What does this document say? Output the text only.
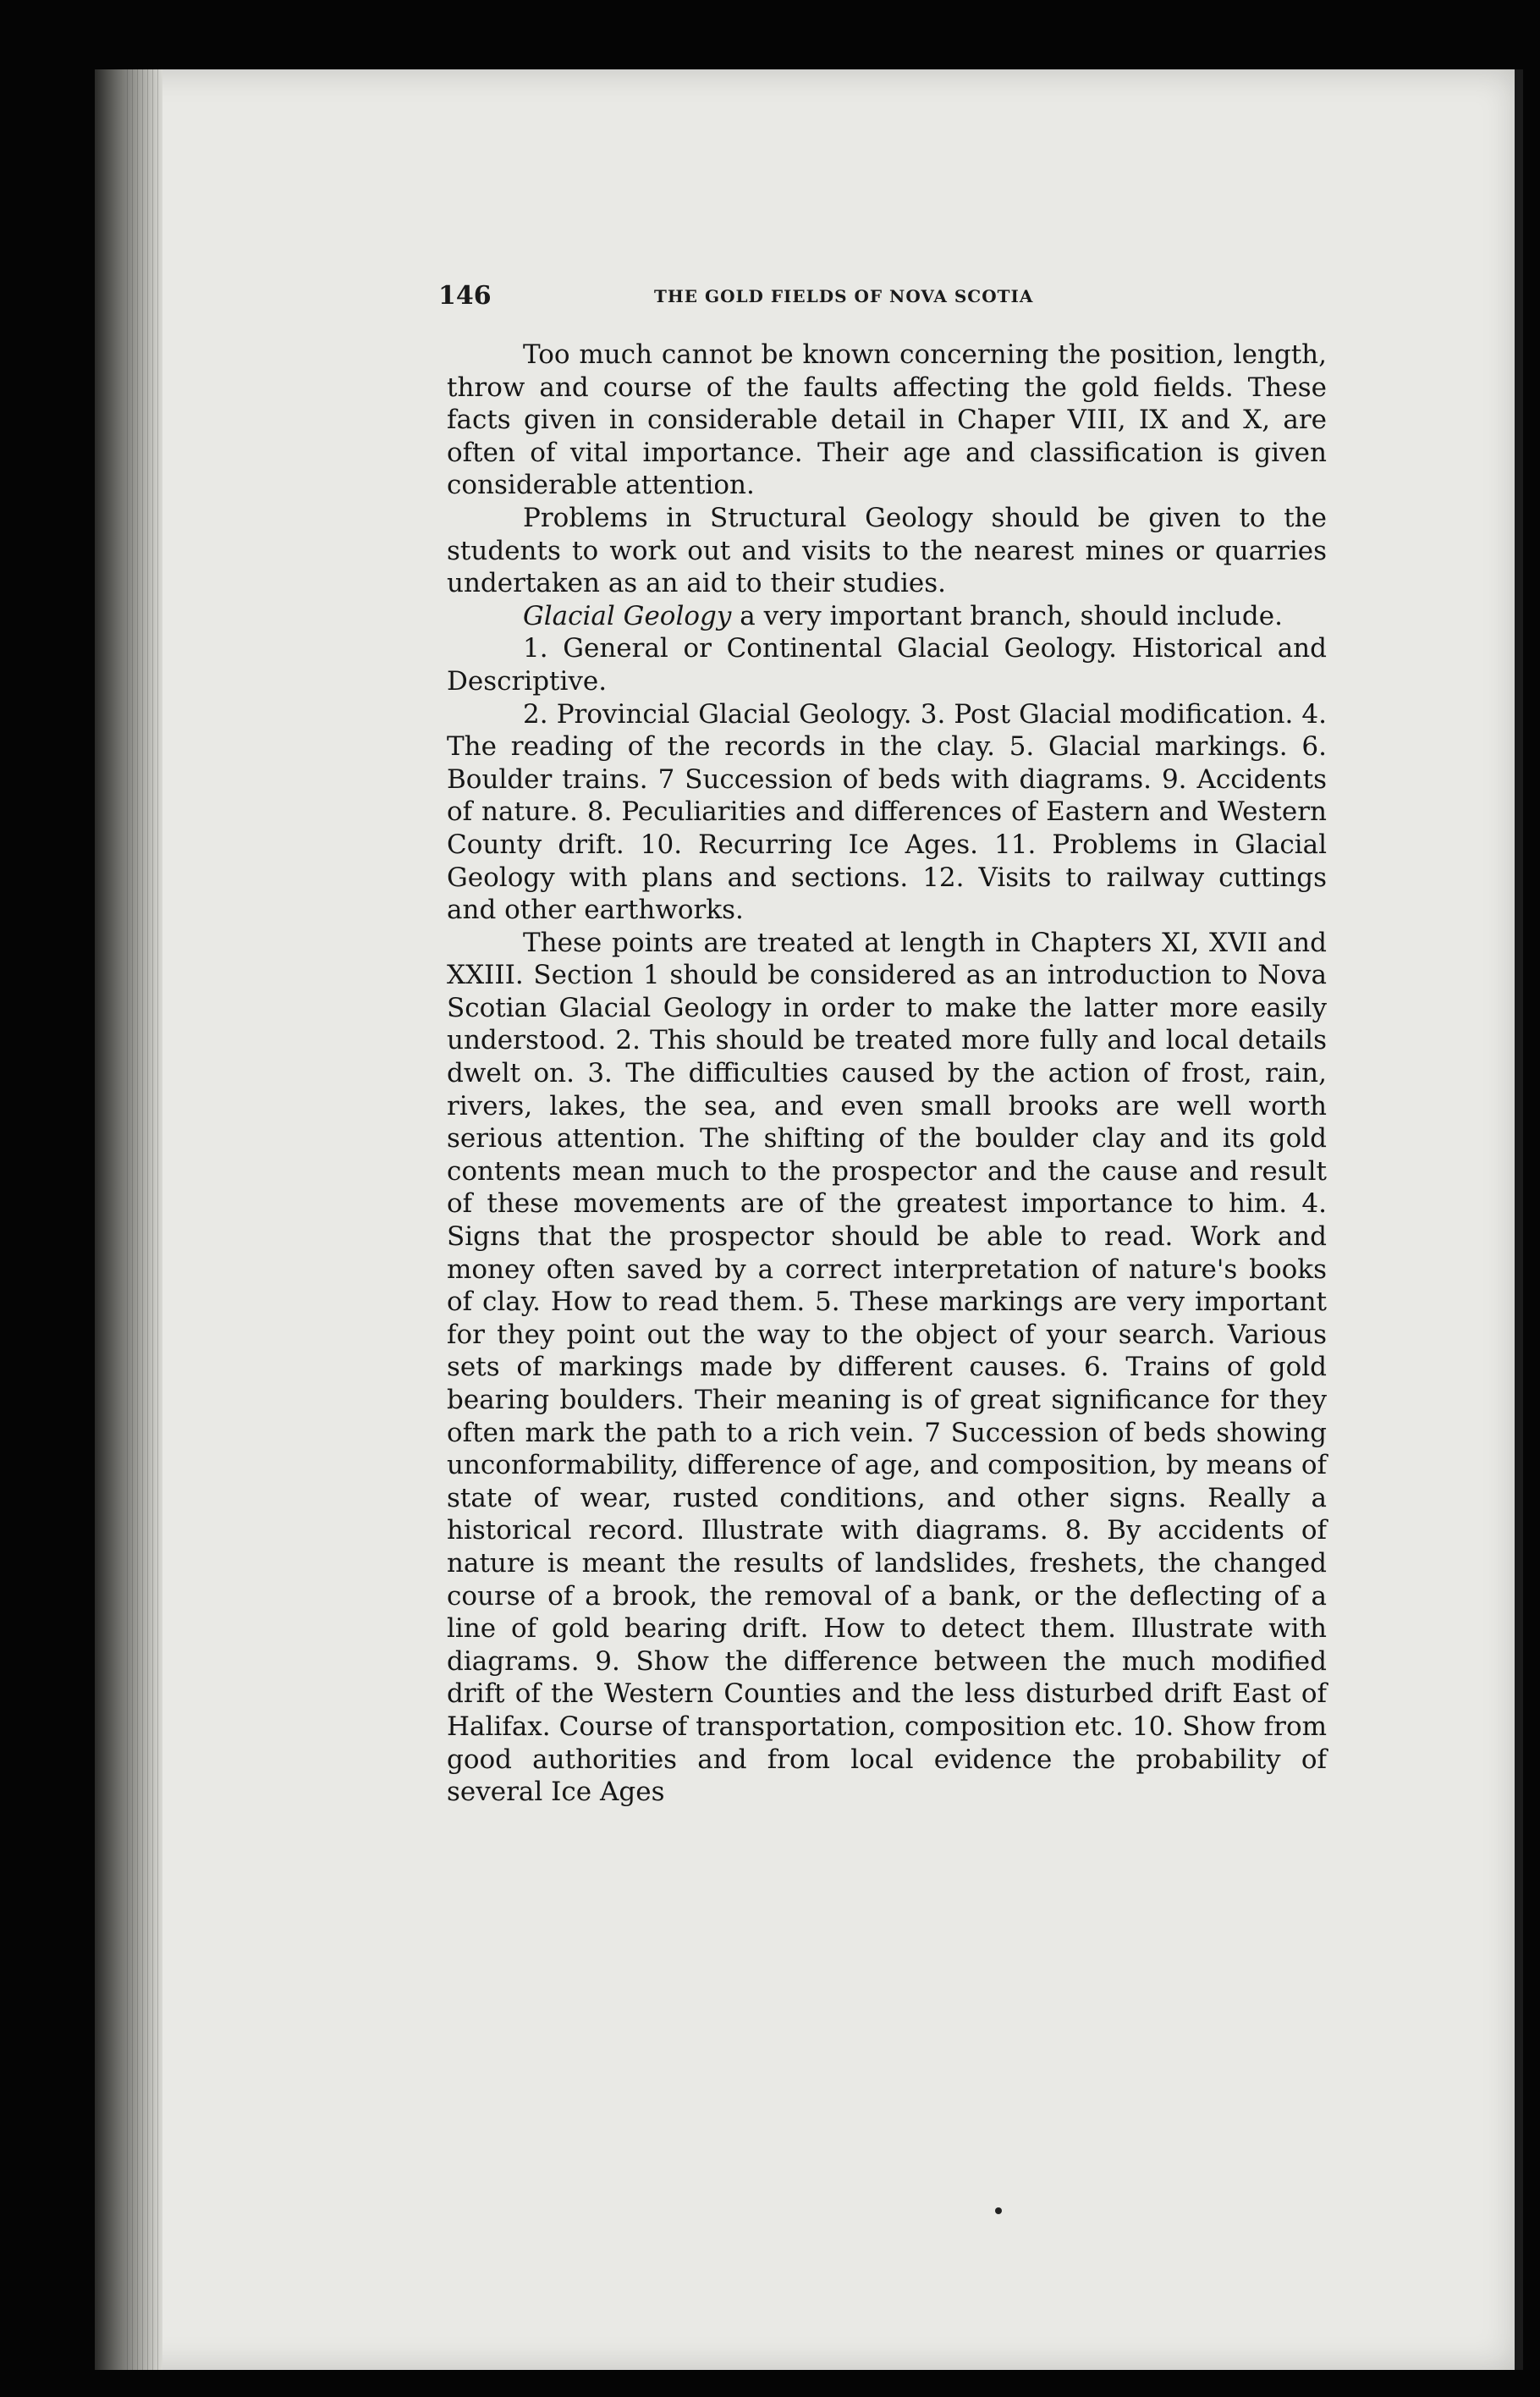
146	THE GOLD FIELDS OF NOVA SCOTIA

Too much cannot be known concerning the position, length, throw and course of the faults affecting the gold fields. These facts given in considerable detail in Chaper VIII, IX and X, are often of vital importance. Their age and classification is given considerable attention.

Problems in Structural Geology should be given to the students to work out and visits to the nearest mines or quarries undertaken as an aid to their studies.

Glacial Geology a very important branch, should include.

1. General or Continental Glacial Geology. Historical and Descriptive.

2. Provincial Glacial Geology. 3. Post Glacial modification. 4. The reading of the records in the clay. 5. Glacial markings. 6. Boulder trains. 7 Succession of beds with diagrams. 9. Accidents of nature. 8. Peculiarities and differences of Eastern and Western County drift. 10. Recurring Ice Ages. 11. Problems in Glacial Geology with plans and sections. 12. Visits to railway cuttings and other earthworks.

These points are treated at length in Chapters XI, XVII and XXIII. Section 1 should be considered as an introduction to Nova Scotian Glacial Geology in order to make the latter more easily understood. 2. This should be treated more fully and local details dwelt on. 3. The difficulties caused by the action of frost, rain, rivers, lakes, the sea, and even small brooks are well worth serious attention. The shifting of the boulder clay and its gold contents mean much to the prospector and the cause and result of these movements are of the greatest importance to him. 4. Signs that the prospector should be able to read. Work and money often saved by a correct interpretation of nature's books of clay. How to read them. 5. These markings are very important for they point out the way to the object of your search. Various sets of markings made by different causes. 6. Trains of gold bearing boulders. Their meaning is of great significance for they often mark the path to a rich vein. 7 Succession of beds showing unconformability, difference of age, and composition, by means of state of wear, rusted conditions, and other signs. Really a historical record. Illustrate with diagrams. 8. By accidents of nature is meant the results of landslides, freshets, the changed course of a brook, the removal of a bank, or the deflecting of a line of gold bearing drift. How to detect them. Illustrate with diagrams. 9. Show the difference between the much modified drift of the Western Counties and the less disturbed drift East of Halifax. Course of transportation, composition etc. 10. Show from good authorities and from local evidence the probability of several Ice Ages
